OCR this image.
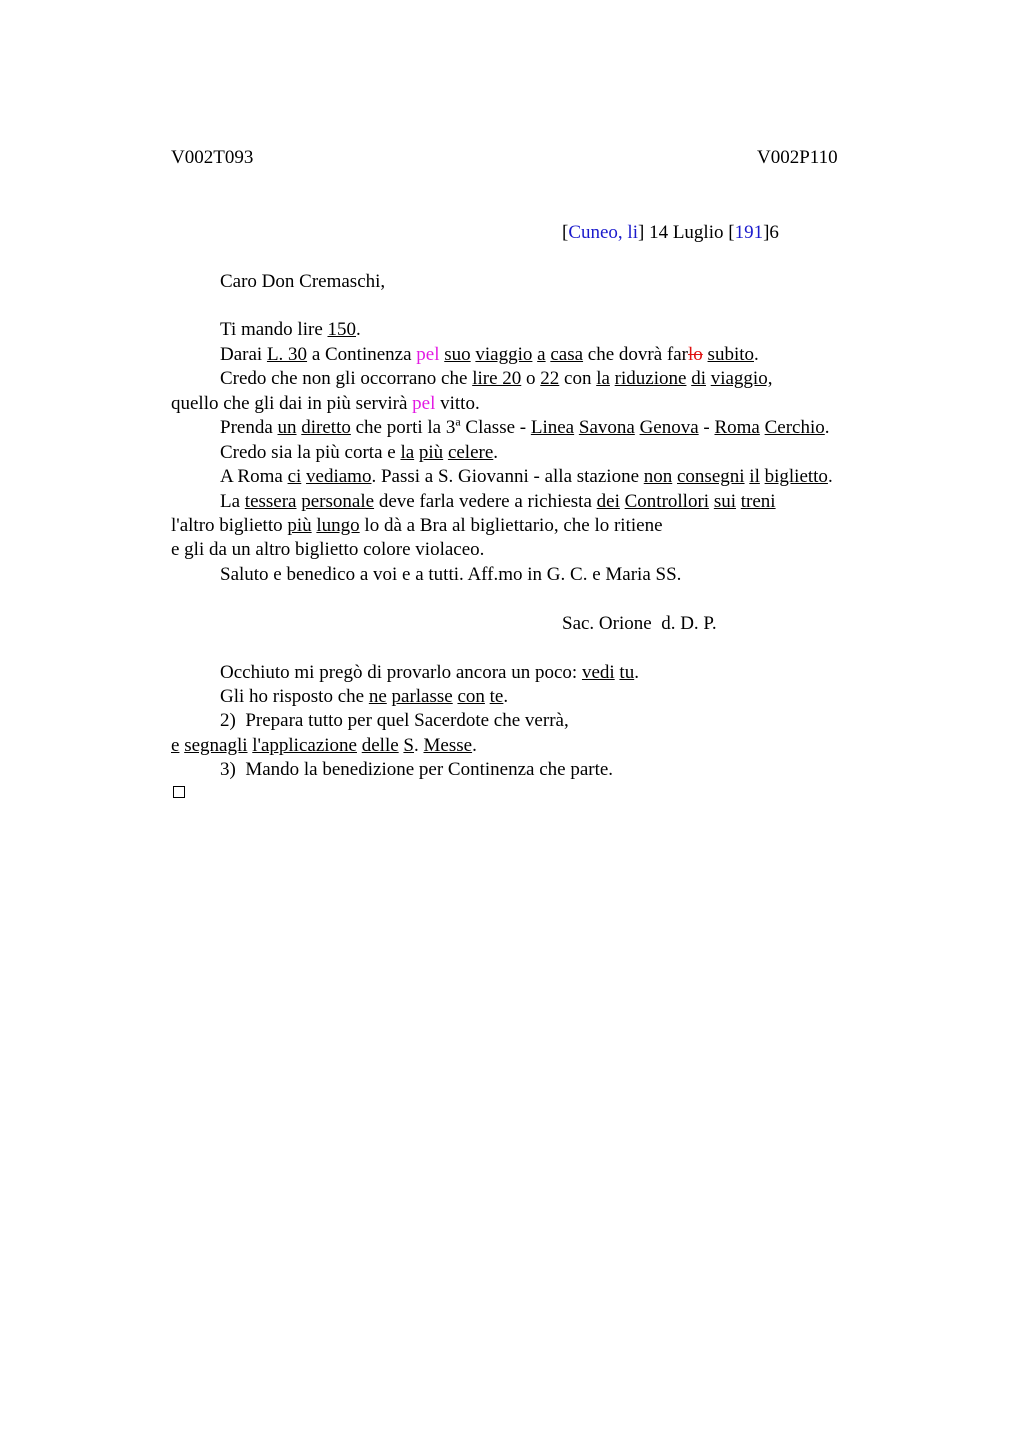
V002T093	V002P110
[Cuneo, li] 14 Luglio [191]6
Caro Don Cremaschi,
Ti mando lire 150.
Darai L. 30 a Continenza pel suo viaggio a casa che dovrà farlo subito.
Credo che non gli occorrano che lire 20 o 22 con la riduzione di viaggio,
quello che gli dai in più servirà pel vitto.
Prenda un diretto che porti la 3$^a$ Classe - Linea Savona Genova - Roma Cerchio.
Credo sia la più corta e la più celere.
A Roma ci vediamo. Passi a S. Giovanni - alla stazione non consegni il biglietto.
La tessera personale deve farla vedere a richiesta dei Controllori sui treni
l'altro biglietto più lungo lo dà a Bra al bigliettario, che lo ritiene
e gli da un altro biglietto colore violaceo.
Saluto e benedico a voi e a tutti. Aff.mo in G. C. e Maria SS.
Sac. Orione  d. D. P.
Occhiuto mi pregò di provarlo ancora un poco: vedi tu.
Gli ho risposto che ne parlasse con te.
2)  Prepara tutto per quel Sacerdote che verrà,
e segnagli l'applicazione delle S. Messe.
3)  Mando la benedizione per Continenza che parte.
